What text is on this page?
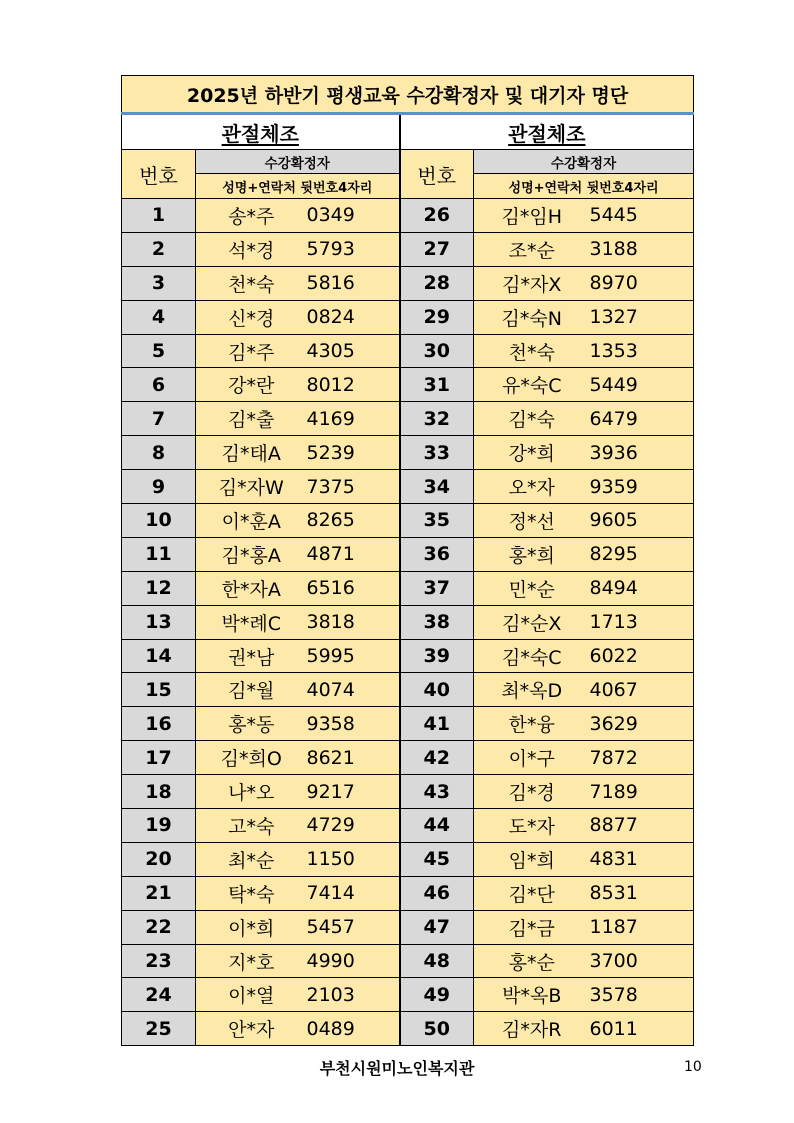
2025년 하반기 평생교육 수강확정자 및 대기자 명단					
관절체조			관절체조		
번호	수강확정자		번호	수강확정자	
	성명+연락처 뒷번호4자리			성명+연락처 뒷번호4자리	
1	송*주	0349	26	김*임H	5445
2	석*경	5793	27	조*순	3188
3	천*숙	5816	28	김*자X	8970
4	신*경	0824	29	김*숙N	1327
5	김*주	4305	30	천*숙	1353
6	강*란	8012	31	유*숙C	5449
7	김*출	4169	32	김*숙	6479
8	김*태A	5239	33	강*희	3936
9	김*자W	7375	34	오*자	9359
10	이*훈A	8265	35	정*선	9605
11	김*홍A	4871	36	홍*희	8295
12	한*자A	6516	37	민*순	8494
13	박*례C	3818	38	김*순X	1713
14	권*남	5995	39	김*숙C	6022
15	김*월	4074	40	최*옥D	4067
16	홍*동	9358	41	한*융	3629
17	김*희O	8621	42	이*구	7872
18	나*오	9217	43	김*경	7189
19	고*숙	4729	44	도*자	8877
20	최*순	1150	45	임*희	4831
21	탁*숙	7414	46	김*단	8531
22	이*희	5457	47	김*금	1187
23	지*호	4990	48	홍*순	3700
24	이*열	2103	49	박*옥B	3578
25	안*자	0489	50	김*자R	6011
부천시원미노인복지관	10
